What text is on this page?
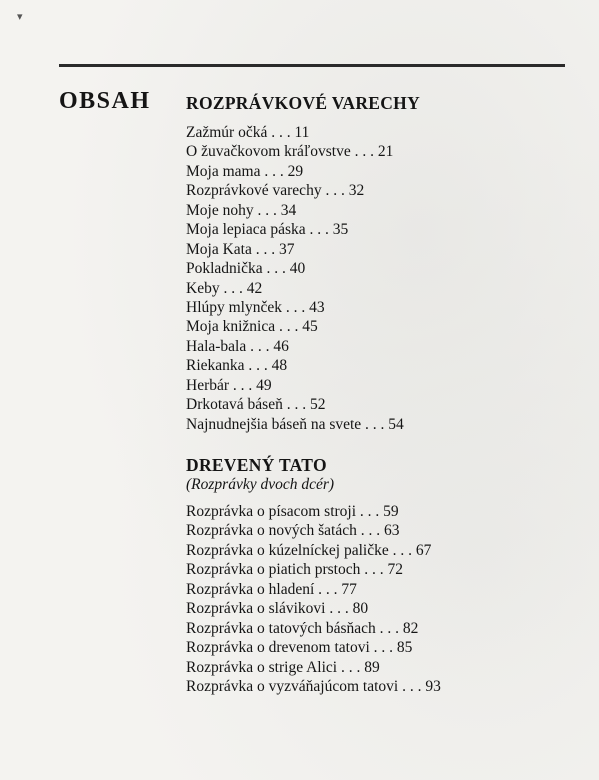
▾
OBSAH ROZPRÁVKOVÉ VARECHY
Zažmúr očká . . . 11
O žuvačkovom kráľovstve . . . 21
Moja mama . . . 29
Rozprávkové varechy . . . 32
Moje nohy . . . 34
Moja lepiaca páska . . . 35
Moja Kata . . . 37
Pokladnička . . . 40
Keby . . . 42
Hlúpy mlynček . . . 43
Moja knižnica . . . 45
Hala-bala . . . 46
Riekanka . . . 48
Herbár . . . 49
Drkotavá báseň . . . 52
Najnudnejšia báseň na svete . . . 54
DREVENÝ TATO
(Rozprávky dvoch dcér)
Rozprávka o písacom stroji . . . 59
Rozprávka o nových šatách . . . 63
Rozprávka o kúzelníckej paličke . . . 67
Rozprávka o piatich prstoch . . . 72
Rozprávka o hladení . . . 77
Rozprávka o slávikovi . . . 80
Rozprávka o tatových básňach . . . 82
Rozprávka o drevenom tatovi . . . 85
Rozprávka o strige Alici . . . 89
Rozprávka o vyzváňajúcom tatovi . . . 93
